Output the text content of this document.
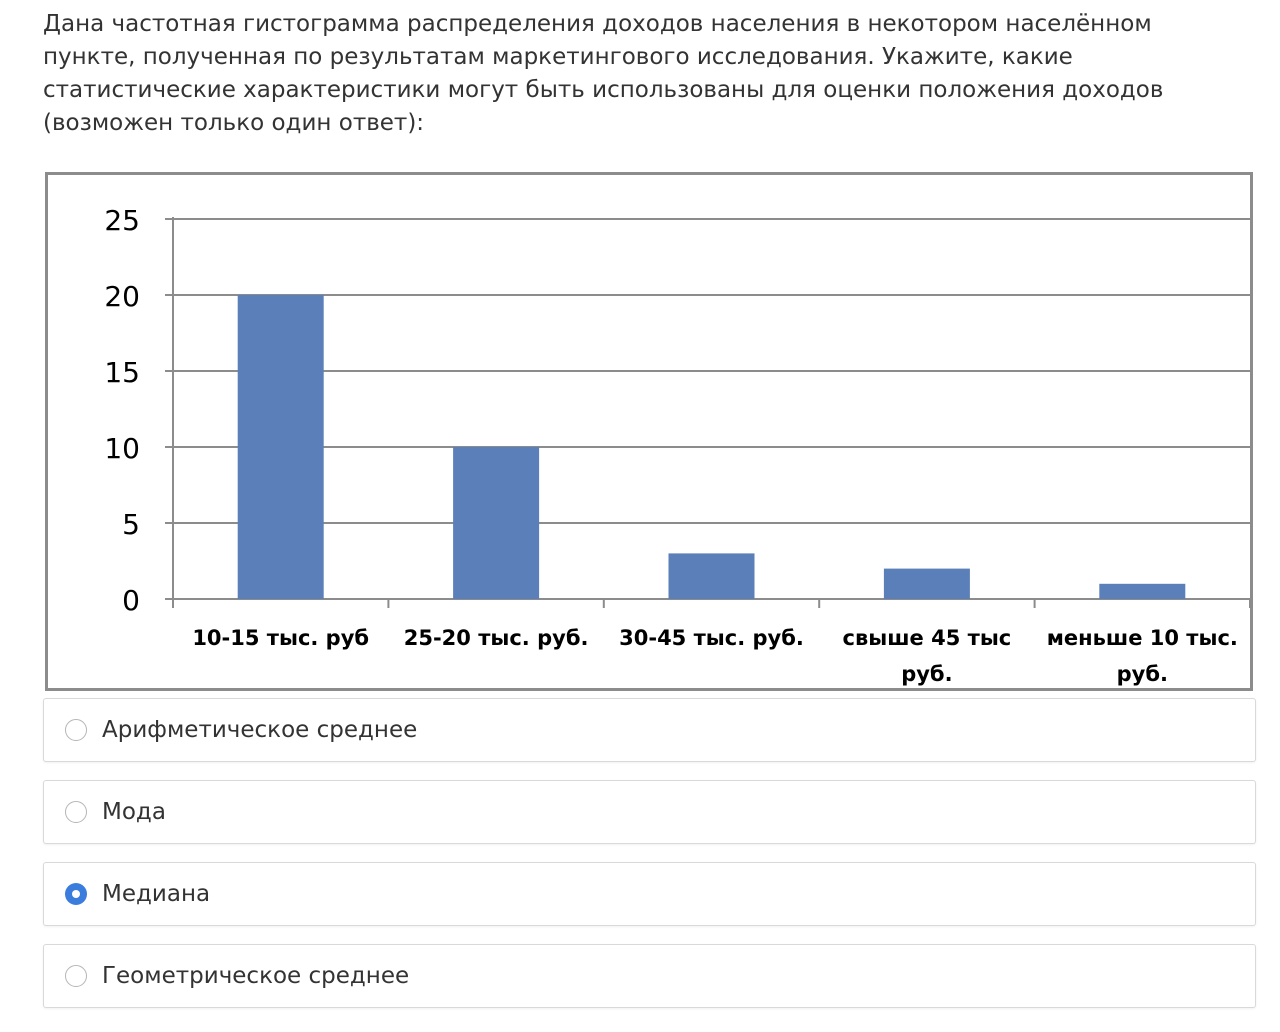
Дана частотная гистограмма распределения доходов населения в некотором населённом пункте, полученная по результатам маркетингового исследования. Укажите, какие статистические характеристики могут быть использованы для оценки положения доходов (возможен только один ответ):

0
5
10
15
20
25
10-15 тыс. руб 25-20 тыс. руб. 30-45 тыс. руб. свыше 45 тыс руб.
меньше 10 тыс. руб.
Арифметическое среднее
Мода
Медиана
Геометрическое среднее
